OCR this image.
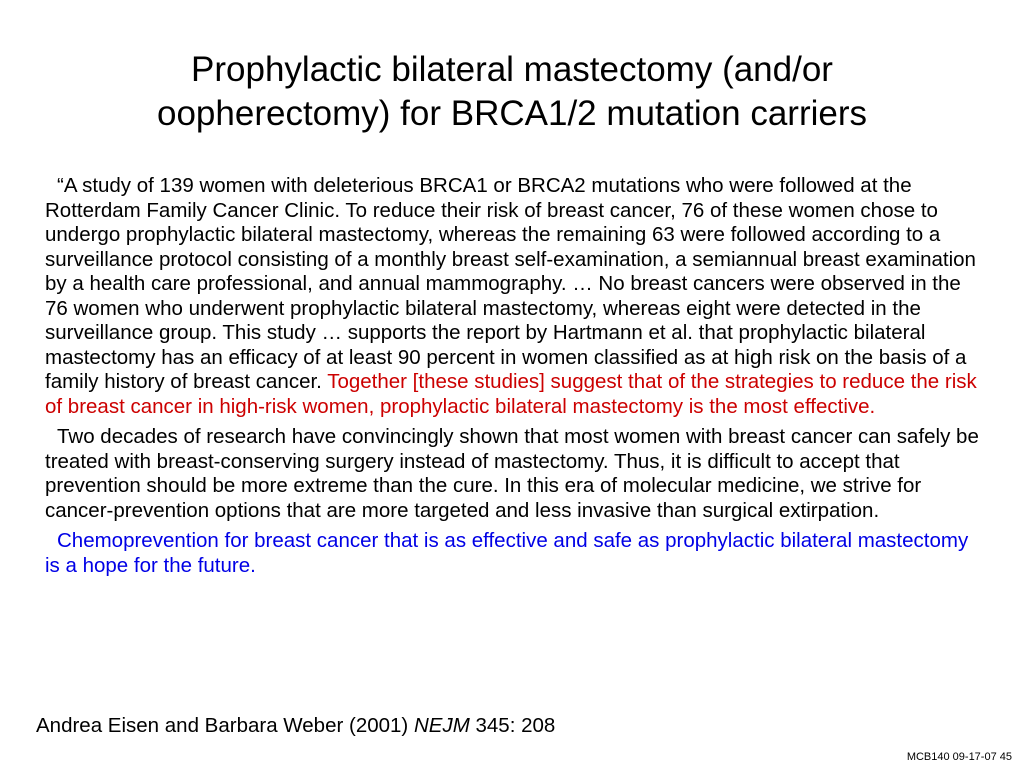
Prophylactic bilateral mastectomy (and/or
oopherectomy) for BRCA1/2 mutation carriers

“A study of 139 women with deleterious BRCA1 or BRCA2 mutations who were followed at the Rotterdam Family Cancer Clinic. To reduce their risk of breast cancer, 76 of these women chose to undergo prophylactic bilateral mastectomy, whereas the remaining 63 were followed according to a surveillance protocol consisting of a monthly breast self-examination, a semiannual breast examination by a health care professional, and annual mammography. … No breast cancers were observed in the 76 women who underwent prophylactic bilateral mastectomy, whereas eight were detected in the surveillance group. This study … supports the report by Hartmann et al. that prophylactic bilateral mastectomy has an efficacy of at least 90 percent in women classified as at high risk on the basis of a family history of breast cancer. Together [these studies] suggest that of the strategies to reduce the risk of breast cancer in high-risk women, prophylactic bilateral mastectomy is the most effective.

Two decades of research have convincingly shown that most women with breast cancer can safely be treated with breast-conserving surgery instead of mastectomy. Thus, it is difficult to accept that prevention should be more extreme than the cure. In this era of molecular medicine, we strive for cancer-prevention options that are more targeted and less invasive than surgical extirpation.

Chemoprevention for breast cancer that is as effective and safe as prophylactic bilateral mastectomy is a hope for the future.

Andrea Eisen and Barbara Weber (2001) NEJM 345: 208
MCB140 09-17-07 45
